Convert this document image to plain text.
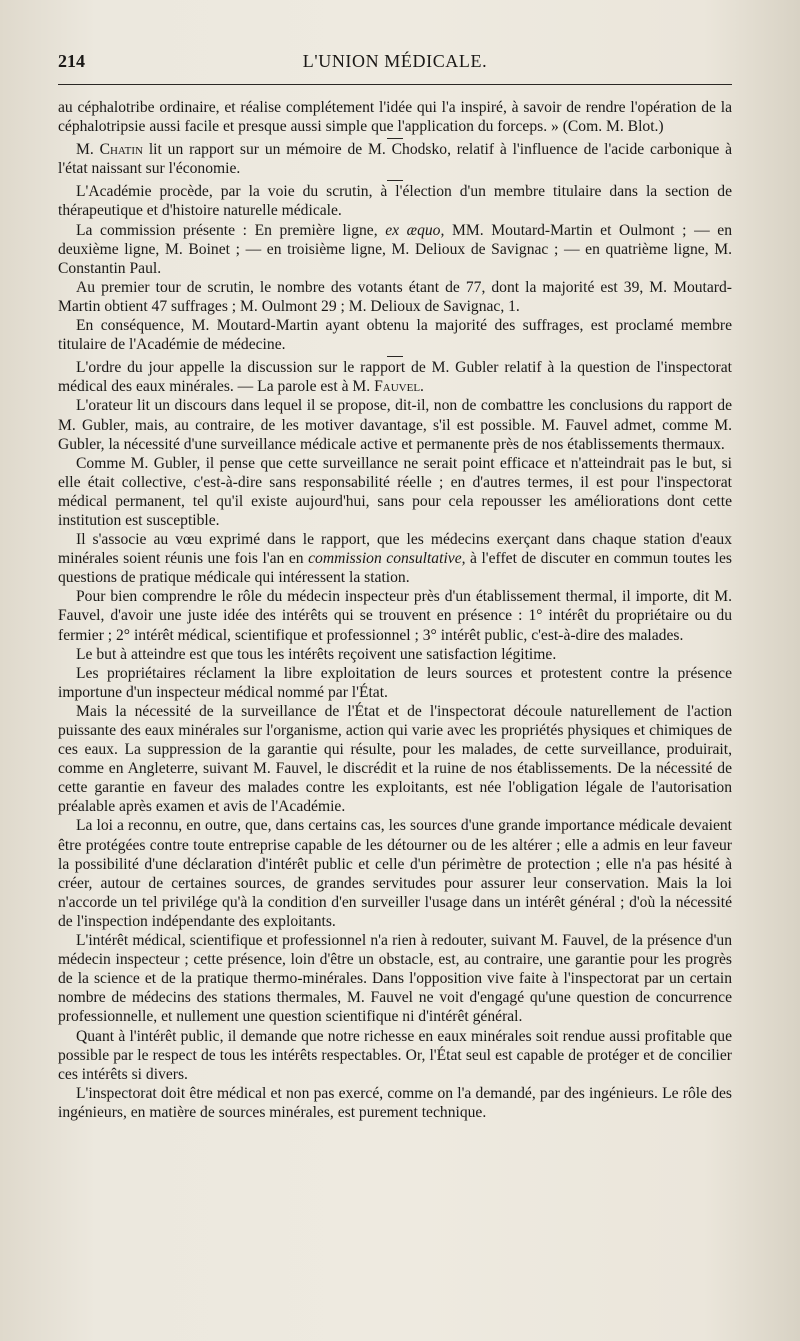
214	L'UNION MÉDICALE.

au céphalotribe ordinaire, et réalise complétement l'idée qui l'a inspiré, à savoir de rendre l'opération de la céphalotripsie aussi facile et presque aussi simple que l'application du forceps. » (Com. M. Blot.)

M. Chatin lit un rapport sur un mémoire de M. Chodsko, relatif à l'influence de l'acide carbonique à l'état naissant sur l'économie.

L'Académie procède, par la voie du scrutin, à l'élection d'un membre titulaire dans la section de thérapeutique et d'histoire naturelle médicale.

La commission présente : En première ligne, ex æquo, MM. Moutard-Martin et Oulmont ; — en deuxième ligne, M. Boinet ; — en troisième ligne, M. Delioux de Savignac ; — en quatrième ligne, M. Constantin Paul.

Au premier tour de scrutin, le nombre des votants étant de 77, dont la majorité est 39, M. Moutard-Martin obtient 47 suffrages ; M. Oulmont 29 ; M. Delioux de Savignac, 1.

En conséquence, M. Moutard-Martin ayant obtenu la majorité des suffrages, est proclamé membre titulaire de l'Académie de médecine.

L'ordre du jour appelle la discussion sur le rapport de M. Gubler relatif à la question de l'inspectorat médical des eaux minérales. — La parole est à M. Fauvel.

L'orateur lit un discours dans lequel il se propose, dit-il, non de combattre les conclusions du rapport de M. Gubler, mais, au contraire, de les motiver davantage, s'il est possible. M. Fauvel admet, comme M. Gubler, la nécessité d'une surveillance médicale active et permanente près de nos établissements thermaux.

Comme M. Gubler, il pense que cette surveillance ne serait point efficace et n'atteindrait pas le but, si elle était collective, c'est-à-dire sans responsabilité réelle ; en d'autres termes, il est pour l'inspectorat médical permanent, tel qu'il existe aujourd'hui, sans pour cela repousser les améliorations dont cette institution est susceptible.

Il s'associe au vœu exprimé dans le rapport, que les médecins exerçant dans chaque station d'eaux minérales soient réunis une fois l'an en commission consultative, à l'effet de discuter en commun toutes les questions de pratique médicale qui intéressent la station.

Pour bien comprendre le rôle du médecin inspecteur près d'un établissement thermal, il importe, dit M. Fauvel, d'avoir une juste idée des intérêts qui se trouvent en présence : 1° intérêt du propriétaire ou du fermier ; 2° intérêt médical, scientifique et professionnel ; 3° intérêt public, c'est-à-dire des malades.

Le but à atteindre est que tous les intérêts reçoivent une satisfaction légitime.

Les propriétaires réclament la libre exploitation de leurs sources et protestent contre la présence importune d'un inspecteur médical nommé par l'État.

Mais la nécessité de la surveillance de l'État et de l'inspectorat découle naturellement de l'action puissante des eaux minérales sur l'organisme, action qui varie avec les propriétés physiques et chimiques de ces eaux. La suppression de la garantie qui résulte, pour les malades, de cette surveillance, produirait, comme en Angleterre, suivant M. Fauvel, le discrédit et la ruine de nos établissements. De la nécessité de cette garantie en faveur des malades contre les exploitants, est née l'obligation légale de l'autorisation préalable après examen et avis de l'Académie.

La loi a reconnu, en outre, que, dans certains cas, les sources d'une grande importance médicale devaient être protégées contre toute entreprise capable de les détourner ou de les altérer ; elle a admis en leur faveur la possibilité d'une déclaration d'intérêt public et celle d'un périmètre de protection ; elle n'a pas hésité à créer, autour de certaines sources, de grandes servitudes pour assurer leur conservation. Mais la loi n'accorde un tel privilége qu'à la condition d'en surveiller l'usage dans un intérêt général ; d'où la nécessité de l'inspection indépendante des exploitants.

L'intérêt médical, scientifique et professionnel n'a rien à redouter, suivant M. Fauvel, de la présence d'un médecin inspecteur ; cette présence, loin d'être un obstacle, est, au contraire, une garantie pour les progrès de la science et de la pratique thermo-minérales. Dans l'opposition vive faite à l'inspectorat par un certain nombre de médecins des stations thermales, M. Fauvel ne voit d'engagé qu'une question de concurrence professionnelle, et nullement une question scientifique ni d'intérêt général.

Quant à l'intérêt public, il demande que notre richesse en eaux minérales soit rendue aussi profitable que possible par le respect de tous les intérêts respectables. Or, l'État seul est capable de protéger et de concilier ces intérêts si divers.

L'inspectorat doit être médical et non pas exercé, comme on l'a demandé, par des ingénieurs. Le rôle des ingénieurs, en matière de sources minérales, est purement technique.
